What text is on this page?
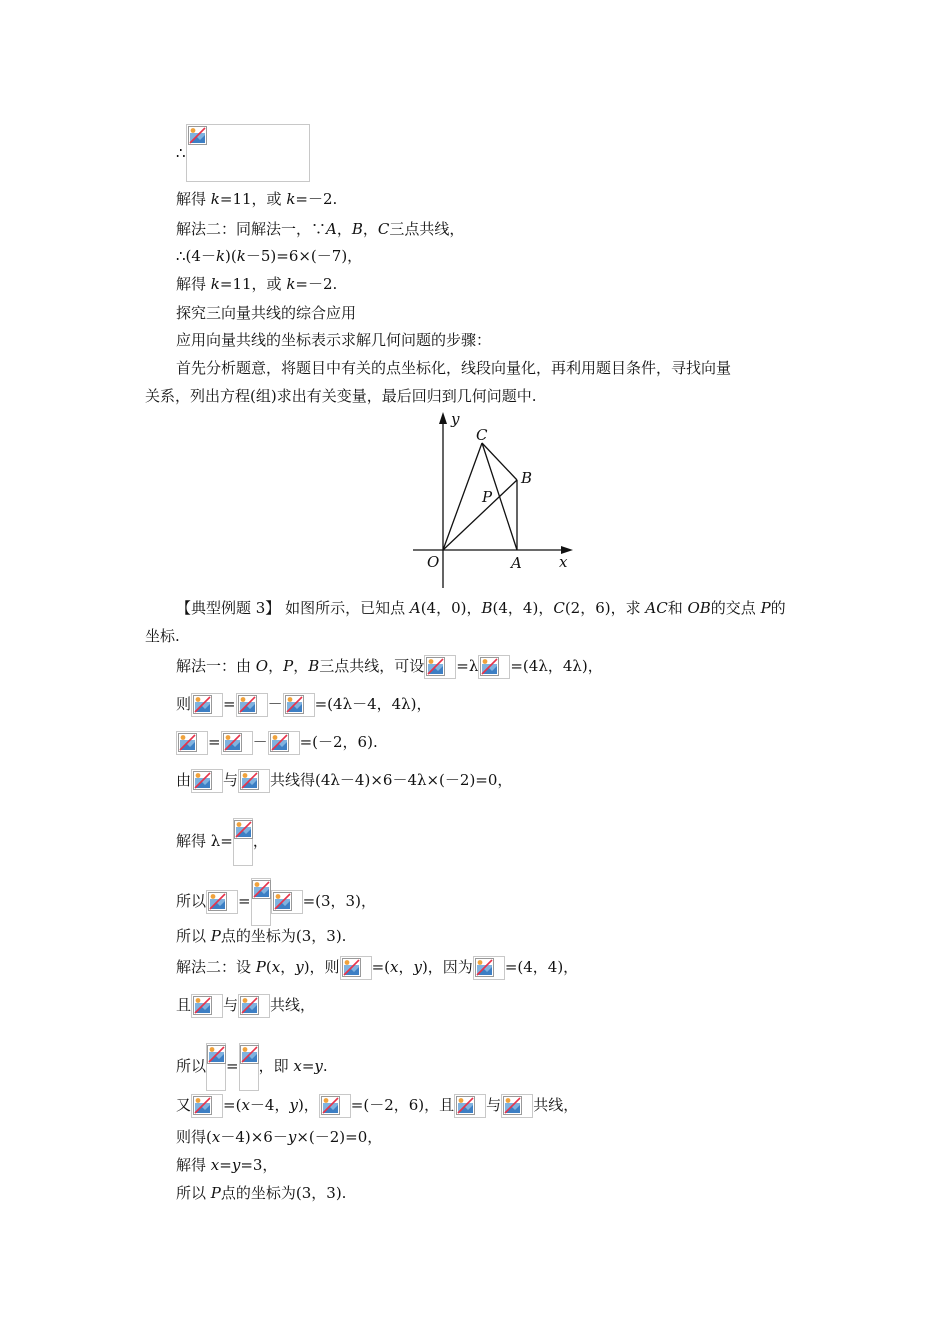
∴
解得 k=11，或 k=－2.
解法二：同解法一，∵A，B，C三点共线，
∴(4－k)(k－5)=6×(－7)，
解得 k=11，或 k=－2.
探究三向量共线的综合应用
应用向量共线的坐标表示求解几何问题的步骤：
首先分析题意，将题目中有关的点坐标化，线段向量化，再利用题目条件，寻找向量
关系，列出方程(组)求出有关变量，最后回归到几何问题中.
y
x
C
B
P
O	A
【典型例题 3】 如图所示，已知点 A(4，0)，B(4，4)，C(2，6)，求 AC和 OB的交点 P的
坐标.
解法一：由 O，P，B三点共线，可设 =λ =(4λ，4λ)，
则 = － =(4λ－4，4λ)，
= － =(－2，6).
由 与 共线得(4λ－4)×6－4λ×(－2)=0，
解得 λ= ，
所以 =	=(3，3)，
所以 P点的坐标为(3，3).
解法二：设 P(x，y)，则 =(x，y)，因为 =(4，4)，
且 与 共线，
所以 = ，即 x=y.
又 =(x－4，y)， =(－2，6)，且 与 共线，
则得(x－4)×6－y×(－2)=0，
解得 x=y=3，
所以 P点的坐标为(3，3).
